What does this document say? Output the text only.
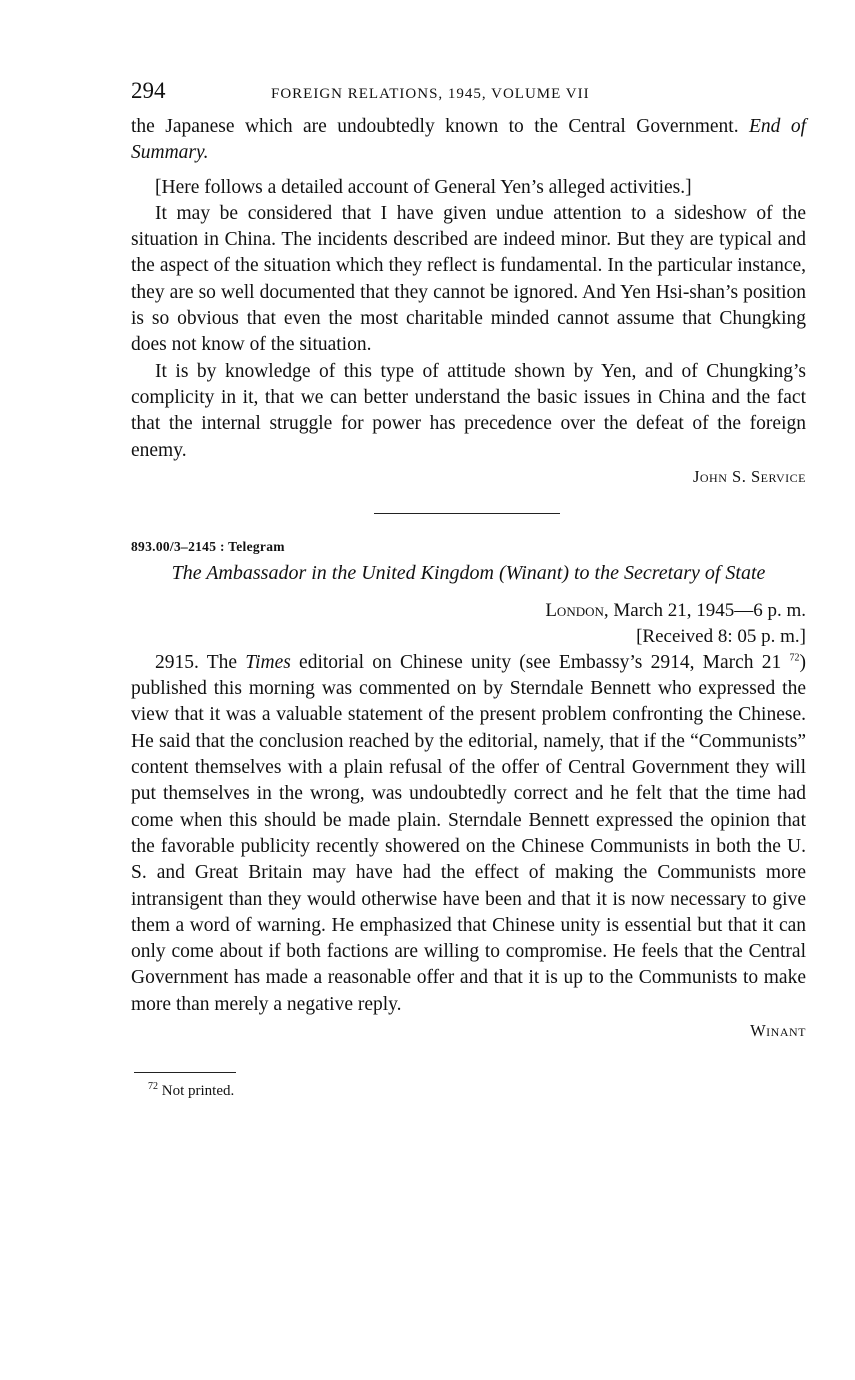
294	FOREIGN RELATIONS, 1945, VOLUME VII

the Japanese which are undoubtedly known to the Central Government. End of Summary.

[Here follows a detailed account of General Yen’s alleged activities.]

It may be considered that I have given undue attention to a sideshow of the situation in China. The incidents described are indeed minor. But they are typical and the aspect of the situation which they reflect is fundamental. In the particular instance, they are so well documented that they cannot be ignored. And Yen Hsi-shan’s position is so obvious that even the most charitable minded cannot assume that Chungking does not know of the situation.

It is by knowledge of this type of attitude shown by Yen, and of Chungking’s complicity in it, that we can better understand the basic issues in China and the fact that the internal struggle for power has precedence over the defeat of the foreign enemy.

John S. Service
893.00/3–2145 : Telegram
The Ambassador in the United Kingdom (Winant) to the Secretary of State
London, March 21, 1945—6 p. m.
[Received 8: 05 p. m.]

2915. The Times editorial on Chinese unity (see Embassy’s 2914, March 21 $^{72}$) published this morning was commented on by Sterndale Bennett who expressed the view that it was a valuable statement of the present problem confronting the Chinese. He said that the conclusion reached by the editorial, namely, that if the “Communists” content themselves with a plain refusal of the offer of Central Government they will put themselves in the wrong, was undoubtedly correct and he felt that the time had come when this should be made plain. Sterndale Bennett expressed the opinion that the favorable publicity recently showered on the Chinese Communists in both the U. S. and Great Britain may have had the effect of making the Communists more intransigent than they would otherwise have been and that it is now necessary to give them a word of warning. He emphasized that Chinese unity is essential but that it can only come about if both factions are willing to compromise. He feels that the Central Government has made a reasonable offer and that it is up to the Communists to make more than merely a negative reply.

Winant

$^{72}$ Not printed.
